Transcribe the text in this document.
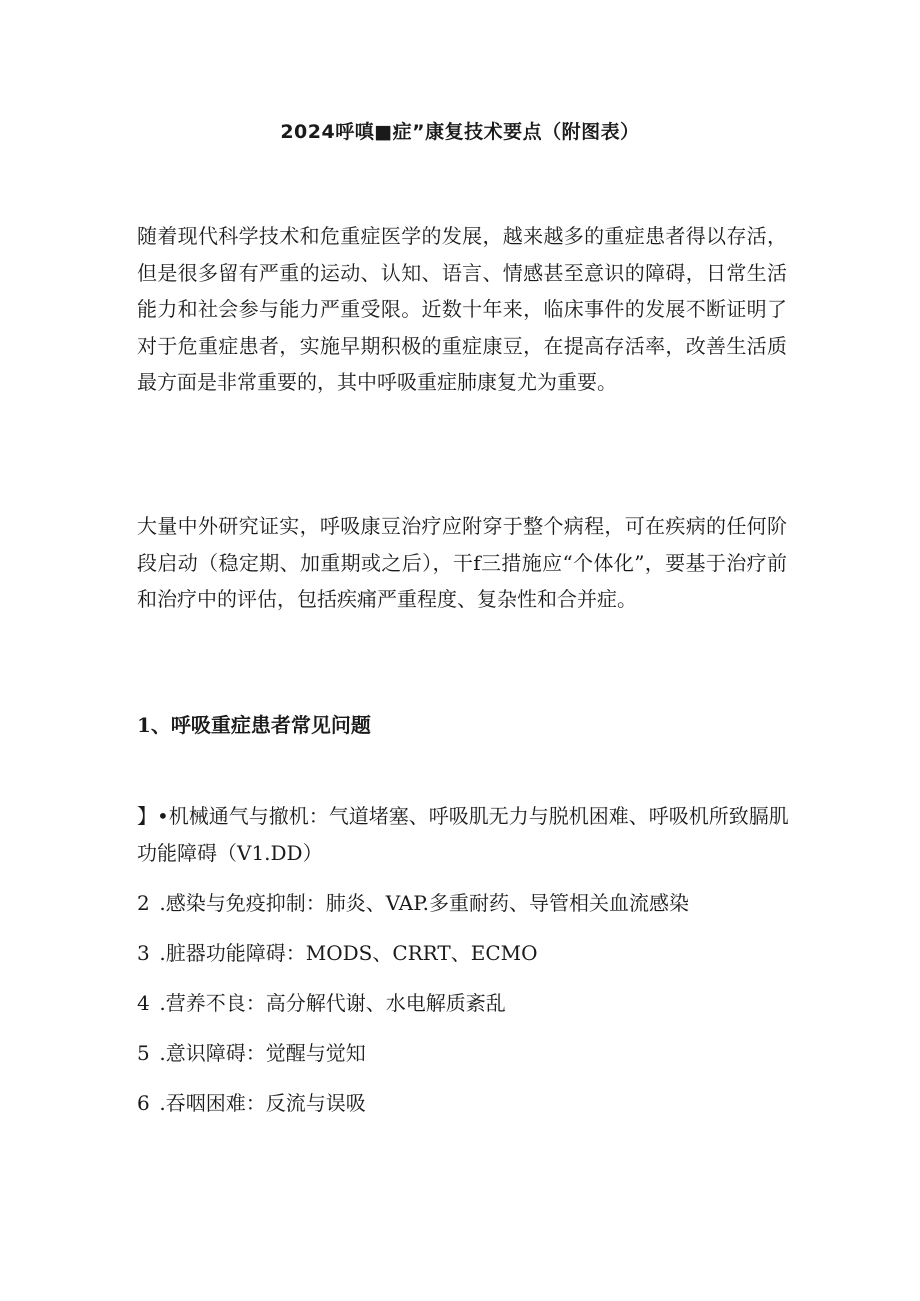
2024呼嗔■症”康复技术要点（附图表）

随着现代科学技术和危重症医学的发展，越来越多的重症患者得以存活，但是很多留有严重的运动、认知、语言、情感甚至意识的障碍，日常生活能力和社会参与能力严重受限。近数十年来，临床事件的发展不断证明了对于危重症患者，实施早期积极的重症康豆，在提高存活率，改善生活质最方面是非常重要的，其中呼吸重症肺康复尤为重要。

大量中外研究证实，呼吸康豆治疗应附穿于整个病程，可在疾病的任何阶段启动（稳定期、加重期或之后），干f三措施应“个体化”，要基于治疗前和治疗中的评估，包括疾痛严重程度、复杂性和合并症。

1、呼吸重症患者常见问题
】•机械通气与撤机：气道堵塞、呼吸肌无力与脱机困难、呼吸机所致膈肌功能障碍（V1.DD）
2 .感染与免疫抑制：肺炎、VAP.多重耐药、导管相关血流感染
3 .脏器功能障碍：MODS、CRRT、ECMO
4 .营养不良：高分解代谢、水电解质紊乱
5 .意识障碍：觉醒与觉知
6 .吞咽困难：反流与误吸
